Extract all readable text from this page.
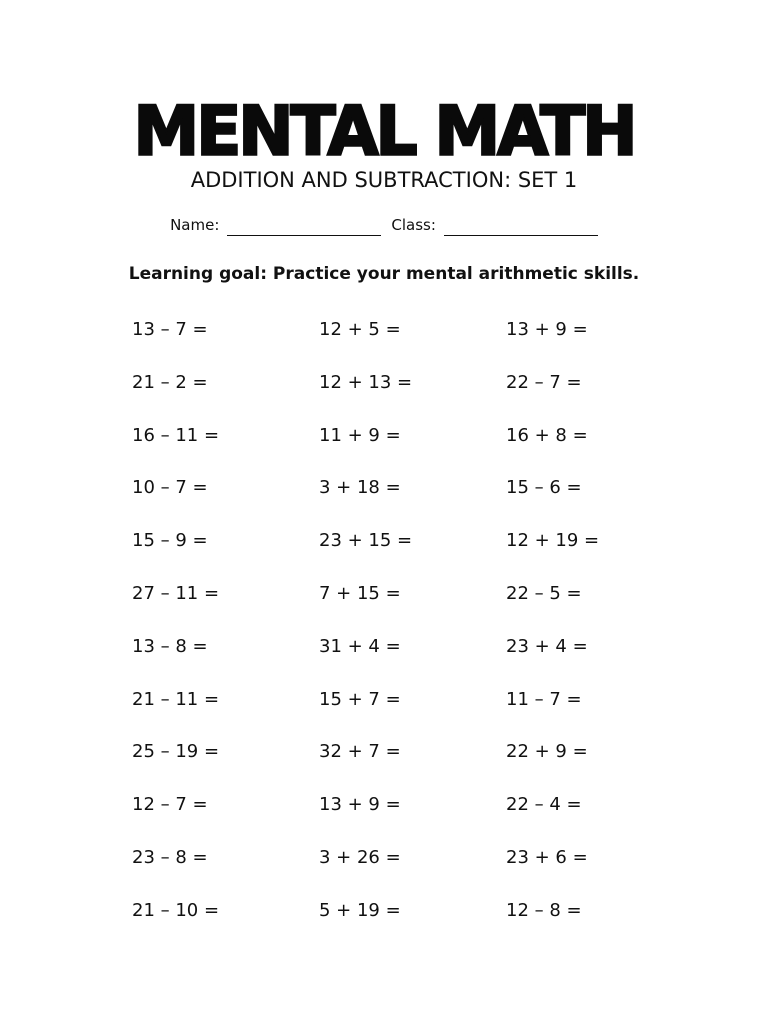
MENTAL MATH
ADDITION AND SUBTRACTION: SET 1
Name:	Class:
Learning goal: Practice your mental arithmetic skills.
13 – 7 =	12 + 5 =	13 + 9 =
21 – 2 =	12 + 13 =	22 – 7 =
16 – 11 =	11 + 9 =	16 + 8 =
10 – 7 =	3 + 18 =	15 – 6 =
15 – 9 =	23 + 15 =	12 + 19 =
27 – 11 =	7 + 15 =	22 – 5 =
13 – 8 =	31 + 4 =	23 + 4 =
21 – 11 =	15 + 7 =	11 – 7 =
25 – 19 =	32 + 7 =	22 + 9 =
12 – 7 =	13 + 9 =	22 – 4 =
23 – 8 =	3 + 26 =	23 + 6 =
21 – 10 =	5 + 19 =	12 – 8 =
